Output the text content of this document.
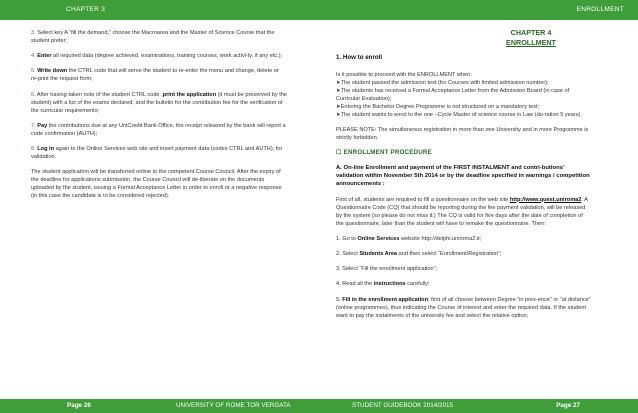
CHAPTER 3	ENROLLMENT
3. Select key A “fill the demand,” choose the Macroarea and the Master of Science Course that the student prefer;
4. Enter all required data (degree achieved, examinations, training courses, work activi-ty, if any etc.);
5. Write down the CTRL code that will serve the student to re-enter the menu and change, delete or re-print the request form;
6. After having taken note of the student CTRL code ,print the application (it must be preserved by the student) with a list of the exams declared, and the bulletin for the contribution fee for the verification of the curricular requirements;
7. Pay the contributions due at any UniCredit Bank Office, the receipt released by the bank will report a code confirmation (AUTH);
8. Log in again to the Online Services web site and insert payment data (codes CTRL and AUTH), for validation.
The student application will be transferred online to the competent Course Council. After the expiry of the deadline for applications submission, the Course Council will de-liberate on the documents uploaded by the student, issuing a Formal Acceptance Letter in order to enroll or a negative response (in this case the candidate is to be considered rejected).
CHAPTER 4
ENROLLMENT
1. How to enroll
Is it possible to proceed with the ENROLLMENT when:
➤The student passed the admission test (for Courses with limited admission number);
➤The students has received a Formal Acceptance Letter from the Admission Board (in case of Curricular Evaluation);
➤Entering the Bachelor Degree Programme is not structured on a mandatory test;
➤The student wants to enrol to the one –Cycle Master of science course in Law (du-ration 5 years).
PLEASE NOTE: The simultaneous registration in more than one University and in more Programme is strictly forbidden.
☐ ENROLLMENT PROCEDURE
A. On-line Enrollment and payment of the FIRST INSTALMENT and contri-butions’ validation within November 5th 2014 or by the deadline specified in warnings / competition announcements :
First of all, students are required to fill a questionnaire on the web site http://www.quest.uniroma2. A Questionnaire Code (CQ) that should be reporting during the fee payment validation, will be released by the system (so please do not miss it.) The CQ is valid for five days after the date of completion of the questionnaire, later than the student will have to remake the questionnaire. Then:
1. Go to Online Services website http://delphi.uniroma2.it;
2. Select Students Area and then select “Enrollment/Registration”;
3. Select “Fill the enrollment application”;
4. Read all the instructions carefully;
5. Fill in the enrollment application: first of all choose between Degree “in pres-ence” or “at distance” (online programmes), thus indicating the Course of interest and enter the required data. If the student want to pay the instalments of the university fee and select the relative option;
Page 26	UNIVERSITY OF ROME TOR VERGATA	STUDENT GUIDEBOOK 2014/2015	Page 27
